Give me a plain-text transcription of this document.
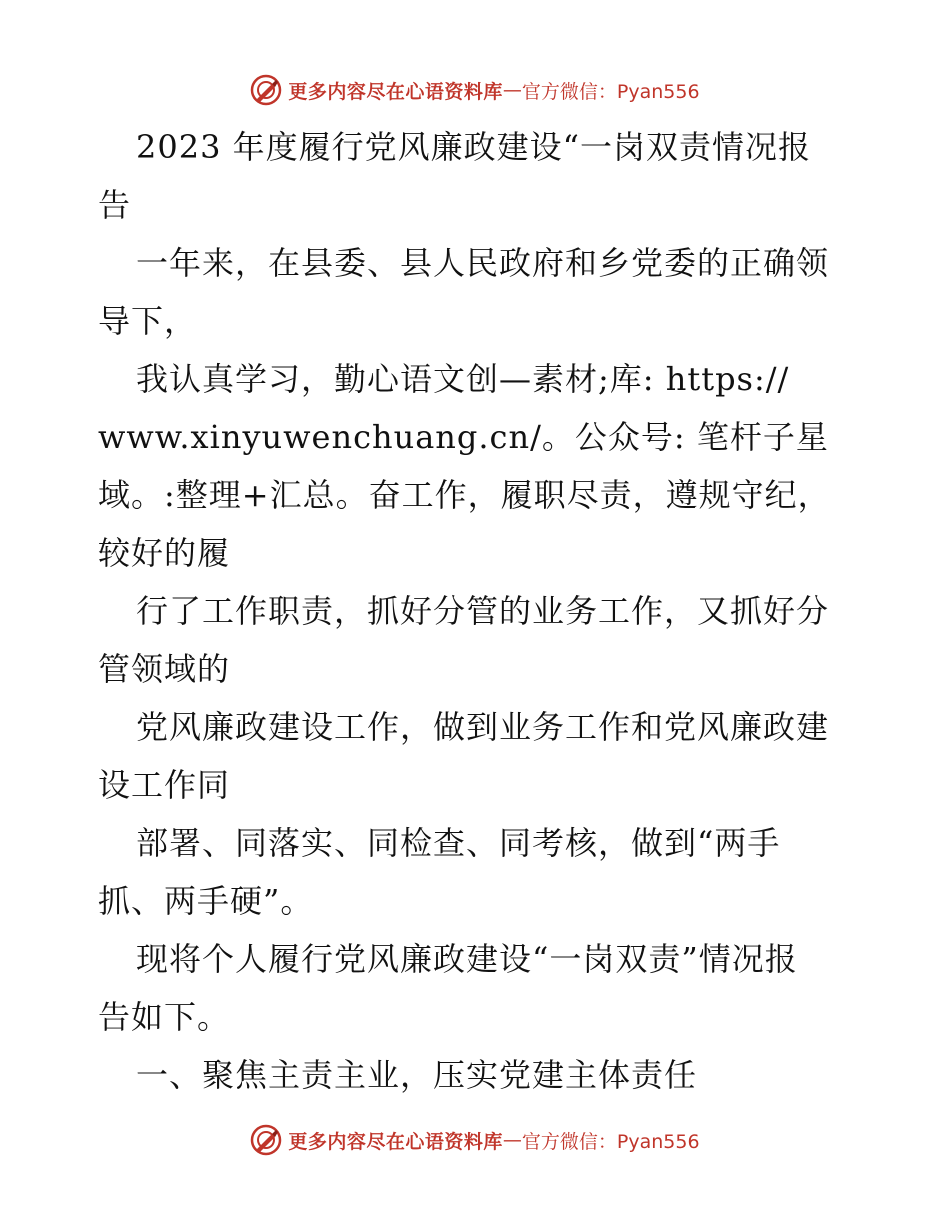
更多内容尽在心语资料库 — 官方微信：Pyan556
2023 年度履行党风廉政建设“一岗双责情况报
告
一年来，在县委、县人民政府和乡党委的正确领
导下，
我认真学习，勤心语文创—素材;库: https://
www.xinyuwenchuang.cn/。公众号: 笔杆子星
域。:整理+汇总。奋工作，履职尽责，遵规守纪，
较好的履
行了工作职责，抓好分管的业务工作，又抓好分
管领域的
党风廉政建设工作，做到业务工作和党风廉政建
设工作同
部署、同落实、同检查、同考核，做到“两手
抓、两手硬”。
现将个人履行党风廉政建设“一岗双责”情况报
告如下。
一、聚焦主责主业，压实党建主体责任
更多内容尽在心语资料库 — 官方微信：Pyan556
